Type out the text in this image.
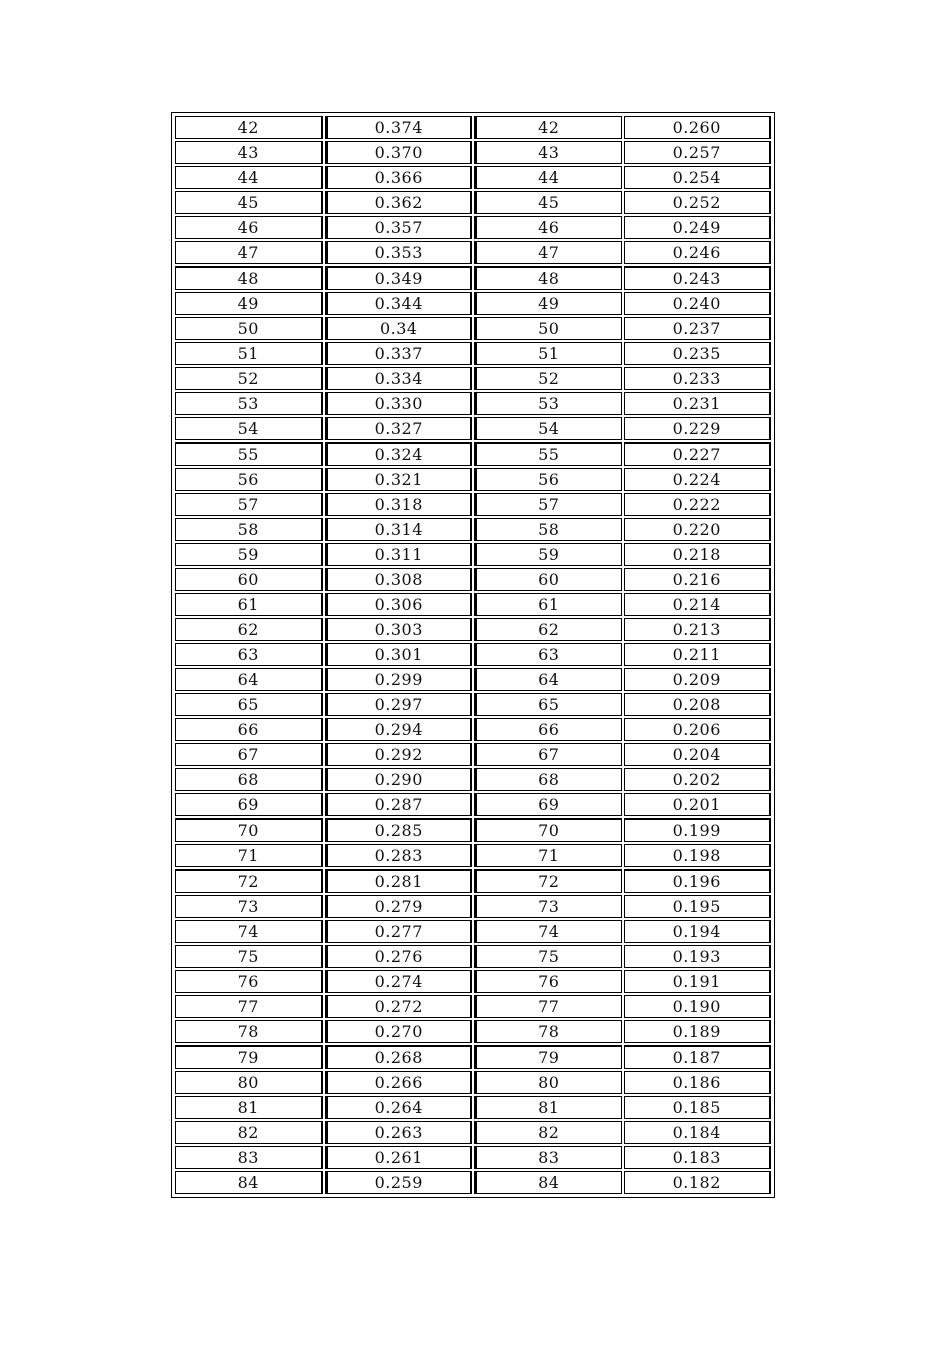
42	0.374	42	0.260
43	0.370	43	0.257
44	0.366	44	0.254
45	0.362	45	0.252
46	0.357	46	0.249
47	0.353	47	0.246
48	0.349	48	0.243
49	0.344	49	0.240
50	0.34	50	0.237
51	0.337	51	0.235
52	0.334	52	0.233
53	0.330	53	0.231
54	0.327	54	0.229
55	0.324	55	0.227
56	0.321	56	0.224
57	0.318	57	0.222
58	0.314	58	0.220
59	0.311	59	0.218
60	0.308	60	0.216
61	0.306	61	0.214
62	0.303	62	0.213
63	0.301	63	0.211
64	0.299	64	0.209
65	0.297	65	0.208
66	0.294	66	0.206
67	0.292	67	0.204
68	0.290	68	0.202
69	0.287	69	0.201
70	0.285	70	0.199
71	0.283	71	0.198
72	0.281	72	0.196
73	0.279	73	0.195
74	0.277	74	0.194
75	0.276	75	0.193
76	0.274	76	0.191
77	0.272	77	0.190
78	0.270	78	0.189
79	0.268	79	0.187
80	0.266	80	0.186
81	0.264	81	0.185
82	0.263	82	0.184
83	0.261	83	0.183
84	0.259	84	0.182
